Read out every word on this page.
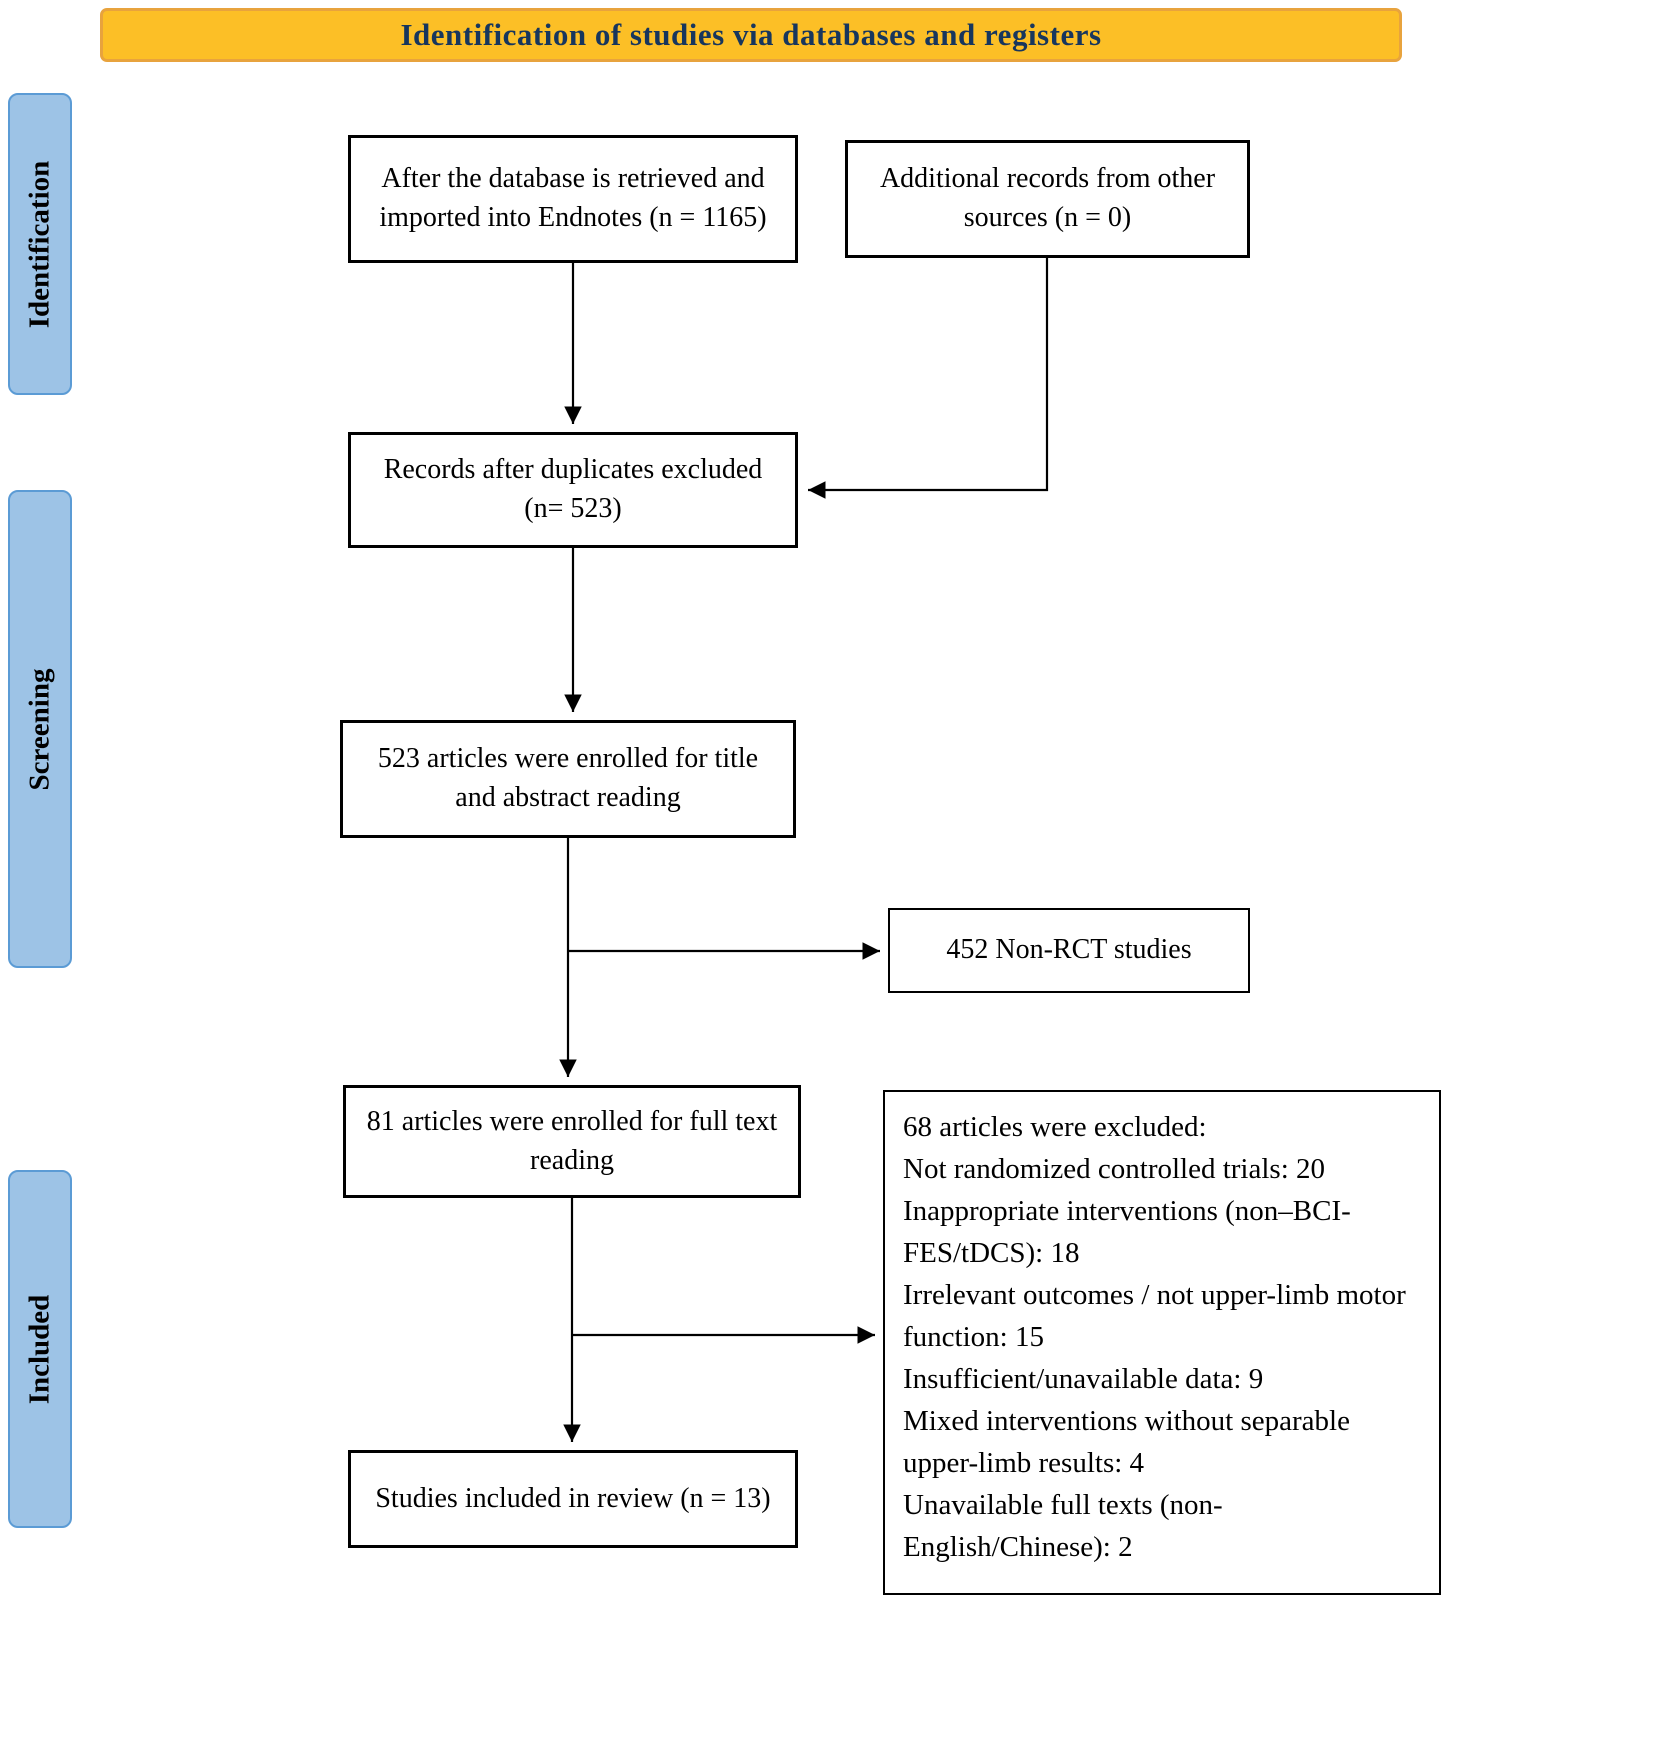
Identification of studies via databases and registers
Identification
Screening
Included
After the database is retrieved and imported into Endnotes (n = 1165)
Additional records from other sources (n = 0)
Records after duplicates excluded (n= 523)
523 articles were enrolled for title and abstract reading
452 Non-RCT studies
81 articles were enrolled for full text reading
68 articles were excluded:
Not randomized controlled trials: 20
Inappropriate interventions (non–BCI-FES/tDCS): 18
Irrelevant outcomes / not upper-limb motor function: 15
Insufficient/unavailable data: 9
Mixed interventions without separable upper-limb results: 4
Unavailable full texts (non-English/Chinese): 2
Studies included in review (n = 13)
